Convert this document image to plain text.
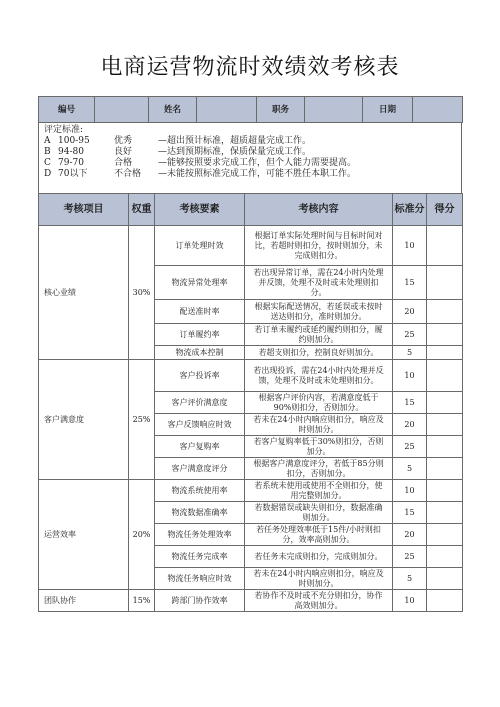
电商运营物流时效绩效考核表
编号		姓名		职务		日期	
评定标准:
A 100-95	优秀	—超出预计标准，超质超量完成工作。
B 94-80	良好	—达到预期标准，保质保量完成工作。
C 79-70	合格	—能够按照要求完成工作，但个人能力需要提高。
D 70以下	不合格 —未能按照标准完成工作，可能不胜任本职工作。
考核项目	权重	考核要素	考核内容	标准分	得分
核心业绩	30%	订单处理时效	根据订单实际处理时间与目标时间对比，若超时则扣分，按时则加分，未完成则扣分。	10	
		物流异常处理率	若出现异常订单，需在24小时内处理并反馈，处理不及时或未处理则扣分。	15	
		配送准时率	根据实际配送情况，若延误或未按时送达则扣分，准时则加分。	20	
		订单履约率	若订单未履约或延约履约则扣分，履约则加分。	25	
		物流成本控制	若超支则扣分，控制良好则加分。	5	
客户满意度	25%	客户投诉率	若出现投诉，需在24小时内处理并反馈，处理不及时或未处理则扣分。	10	
		客户评价满意度	根据客户评价内容，若满意度低于90%则扣分，否则加分。	15	
		客户反馈响应时效	若未在24小时内响应则扣分，响应及时则加分。	20	
		客户复购率	若客户复购率低于30%则扣分，否则加分。	25	
		客户满意度评分	根据客户满意度评分，若低于85分则扣分，否则加分。	5	
运营效率	20%	物流系统使用率	若系统未使用或使用不全则扣分，使用完整则加分。	10	
		物流数据准确率	若数据错误或缺失则扣分，数据准确则加分。	15	
		物流任务处理效率	若任务处理效率低于15件/小时则扣分，效率高则加分。	20	
		物流任务完成率	若任务未完成则扣分，完成则加分。	25	
		物流任务响应时效	若未在24小时内响应则扣分，响应及时则加分。	5	
团队协作	15%	跨部门协作效率	若协作不及时或不充分则扣分，协作高效则加分。	10	
